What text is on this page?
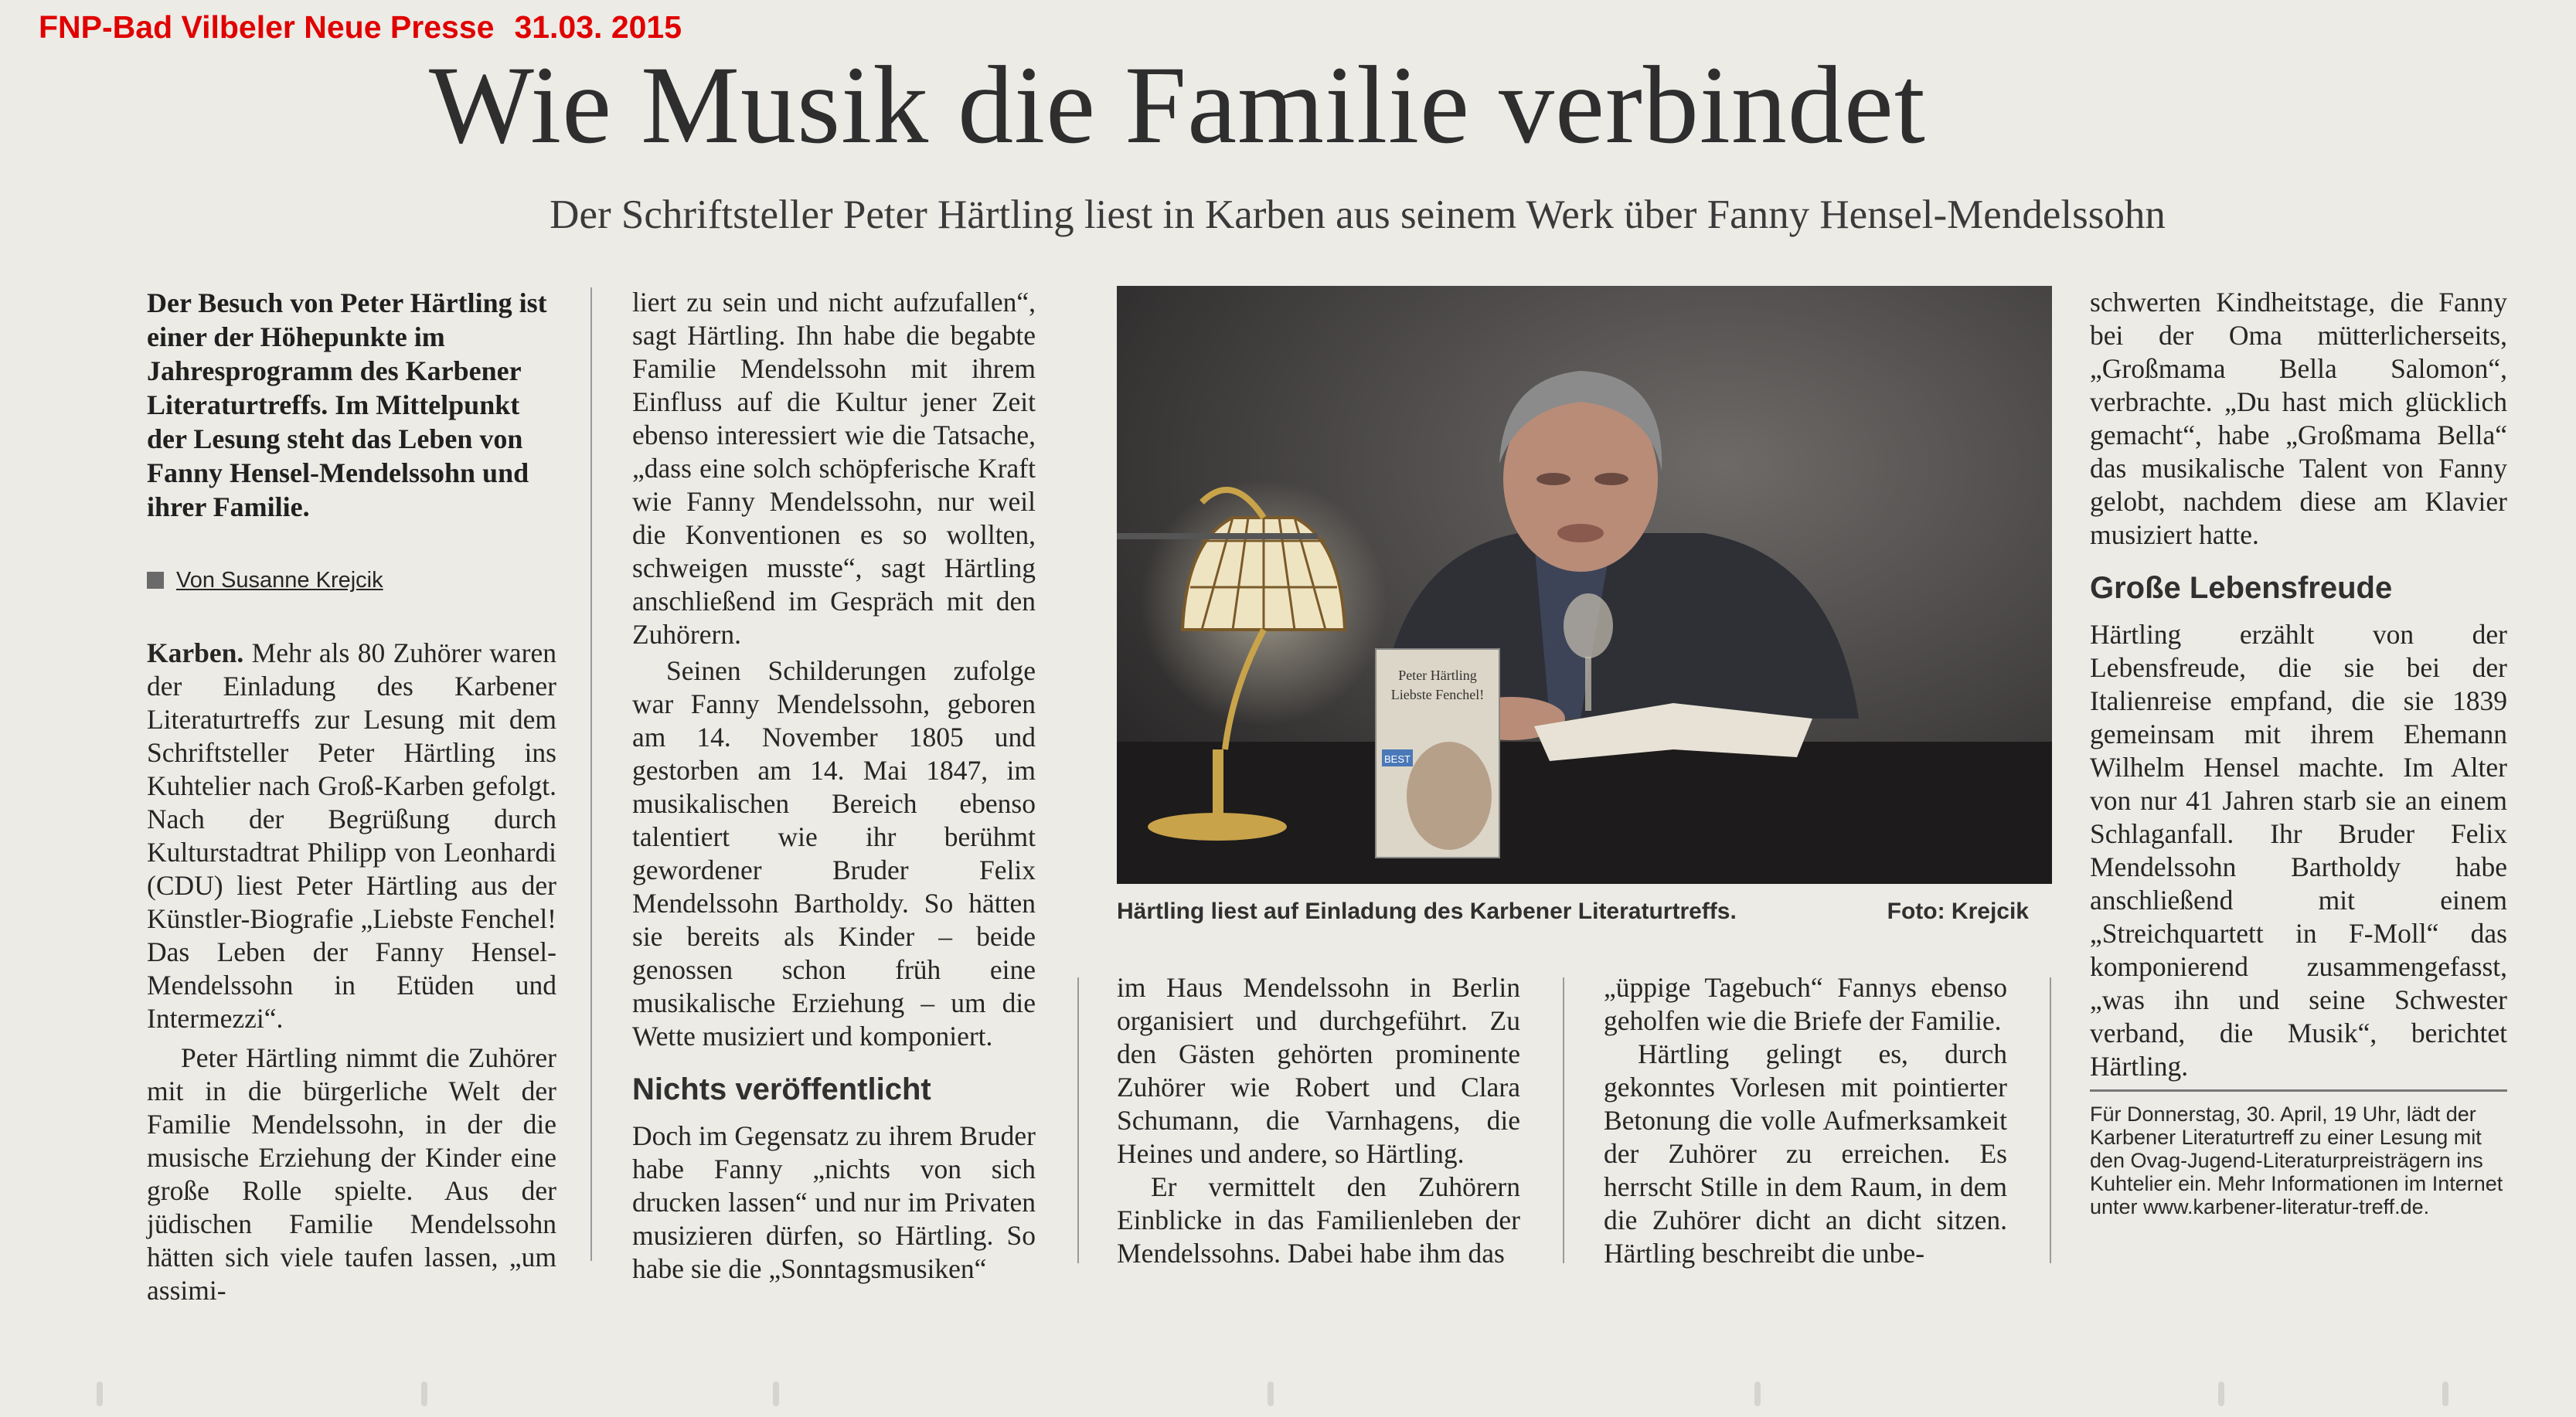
FNP-Bad Vilbeler Neue Presse 31.03. 2015
Wie Musik die Familie verbindet
Der Schriftsteller Peter Härtling liest in Karben aus seinem Werk über Fanny Hensel-Mendelssohn

Der Besuch von Peter Härtling ist einer der Höhepunkte im Jahresprogramm des Karbener Literaturtreffs. Im Mittelpunkt der Lesung steht das Leben von Fanny Hensel-Mendelssohn und ihrer Familie.

Von Susanne Krejcik

Karben. Mehr als 80 Zuhörer waren der Einladung des Karbener Literaturtreffs zur Lesung mit dem Schriftsteller Peter Härtling ins Kuhtelier nach Groß-Karben gefolgt. Nach der Begrüßung durch Kulturstadtrat Philipp von Leonhardi (CDU) liest Peter Härtling aus der Künstler-Biografie „Liebste Fenchel! Das Leben der Fanny Hensel-Mendelssohn in Etüden und Intermezzi“.

Peter Härtling nimmt die Zuhörer mit in die bürgerliche Welt der Familie Mendelssohn, in der die musische Erziehung der Kinder eine große Rolle spielte. Aus der jüdischen Familie Mendelssohn hätten sich viele taufen lassen, „um assimi-

liert zu sein und nicht aufzufallen“, sagt Härtling. Ihn habe die begabte Familie Mendelssohn mit ihrem Einfluss auf die Kultur jener Zeit ebenso interessiert wie die Tatsache, „dass eine solch schöpferische Kraft wie Fanny Mendelssohn, nur weil die Konventionen es so wollten, schweigen musste“, sagt Härtling anschließend im Gespräch mit den Zuhörern.

Seinen Schilderungen zufolge war Fanny Mendelssohn, geboren am 14. November 1805 und gestorben am 14. Mai 1847, im musikalischen Bereich ebenso talentiert wie ihr berühmt gewordener Bruder Felix Mendelssohn Bartholdy. So hätten sie bereits als Kinder – beide genossen schon früh eine musikalische Erziehung – um die Wette musiziert und komponiert.

Nichts veröffentlicht

Doch im Gegensatz zu ihrem Bruder habe Fanny „nichts von sich drucken lassen“ und nur im Privaten musizieren dürfen, so Härtling. So habe sie die „Sonntagsmusiken“

Peter Härtling
Liebste Fenchel!
BEST
Härtling liest auf Einladung des Karbener Literaturtreffs.	Foto: Krejcik

im Haus Mendelssohn in Berlin organisiert und durchgeführt. Zu den Gästen gehörten prominente Zuhörer wie Robert und Clara Schumann, die Varnhagens, die Heines und andere, so Härtling.

Er vermittelt den Zuhörern Einblicke in das Familienleben der Mendelssohns. Dabei habe ihm das

„üppige Tagebuch“ Fannys ebenso geholfen wie die Briefe der Familie.

Härtling gelingt es, durch gekonntes Vorlesen mit pointierter Betonung die volle Aufmerksamkeit der Zuhörer zu erreichen. Es herrscht Stille in dem Raum, in dem die Zuhörer dicht an dicht sitzen. Härtling beschreibt die unbe-

schwerten Kindheitstage, die Fanny bei der Oma mütterlicherseits, „Großmama Bella Salomon“, verbrachte. „Du hast mich glücklich gemacht“, habe „Großmama Bella“ das musikalische Talent von Fanny gelobt, nachdem diese am Klavier musiziert hatte.

Große Lebensfreude

Härtling erzählt von der Lebensfreude, die sie bei der Italienreise empfand, die sie 1839 gemeinsam mit ihrem Ehemann Wilhelm Hensel machte. Im Alter von nur 41 Jahren starb sie an einem Schlaganfall. Ihr Bruder Felix Mendelssohn Bartholdy habe anschließend mit einem „Streichquartett in F-Moll“ das komponierend zusammengefasst, „was ihn und seine Schwester verband, die Musik“, berichtet Härtling.

Für Donnerstag, 30. April, 19 Uhr, lädt der Karbener Literaturtreff zu einer Lesung mit den Ovag-Jugend-Literaturpreisträgern ins Kuhtelier ein. Mehr Informationen im Internet unter www.karbener-literatur-treff.de.
